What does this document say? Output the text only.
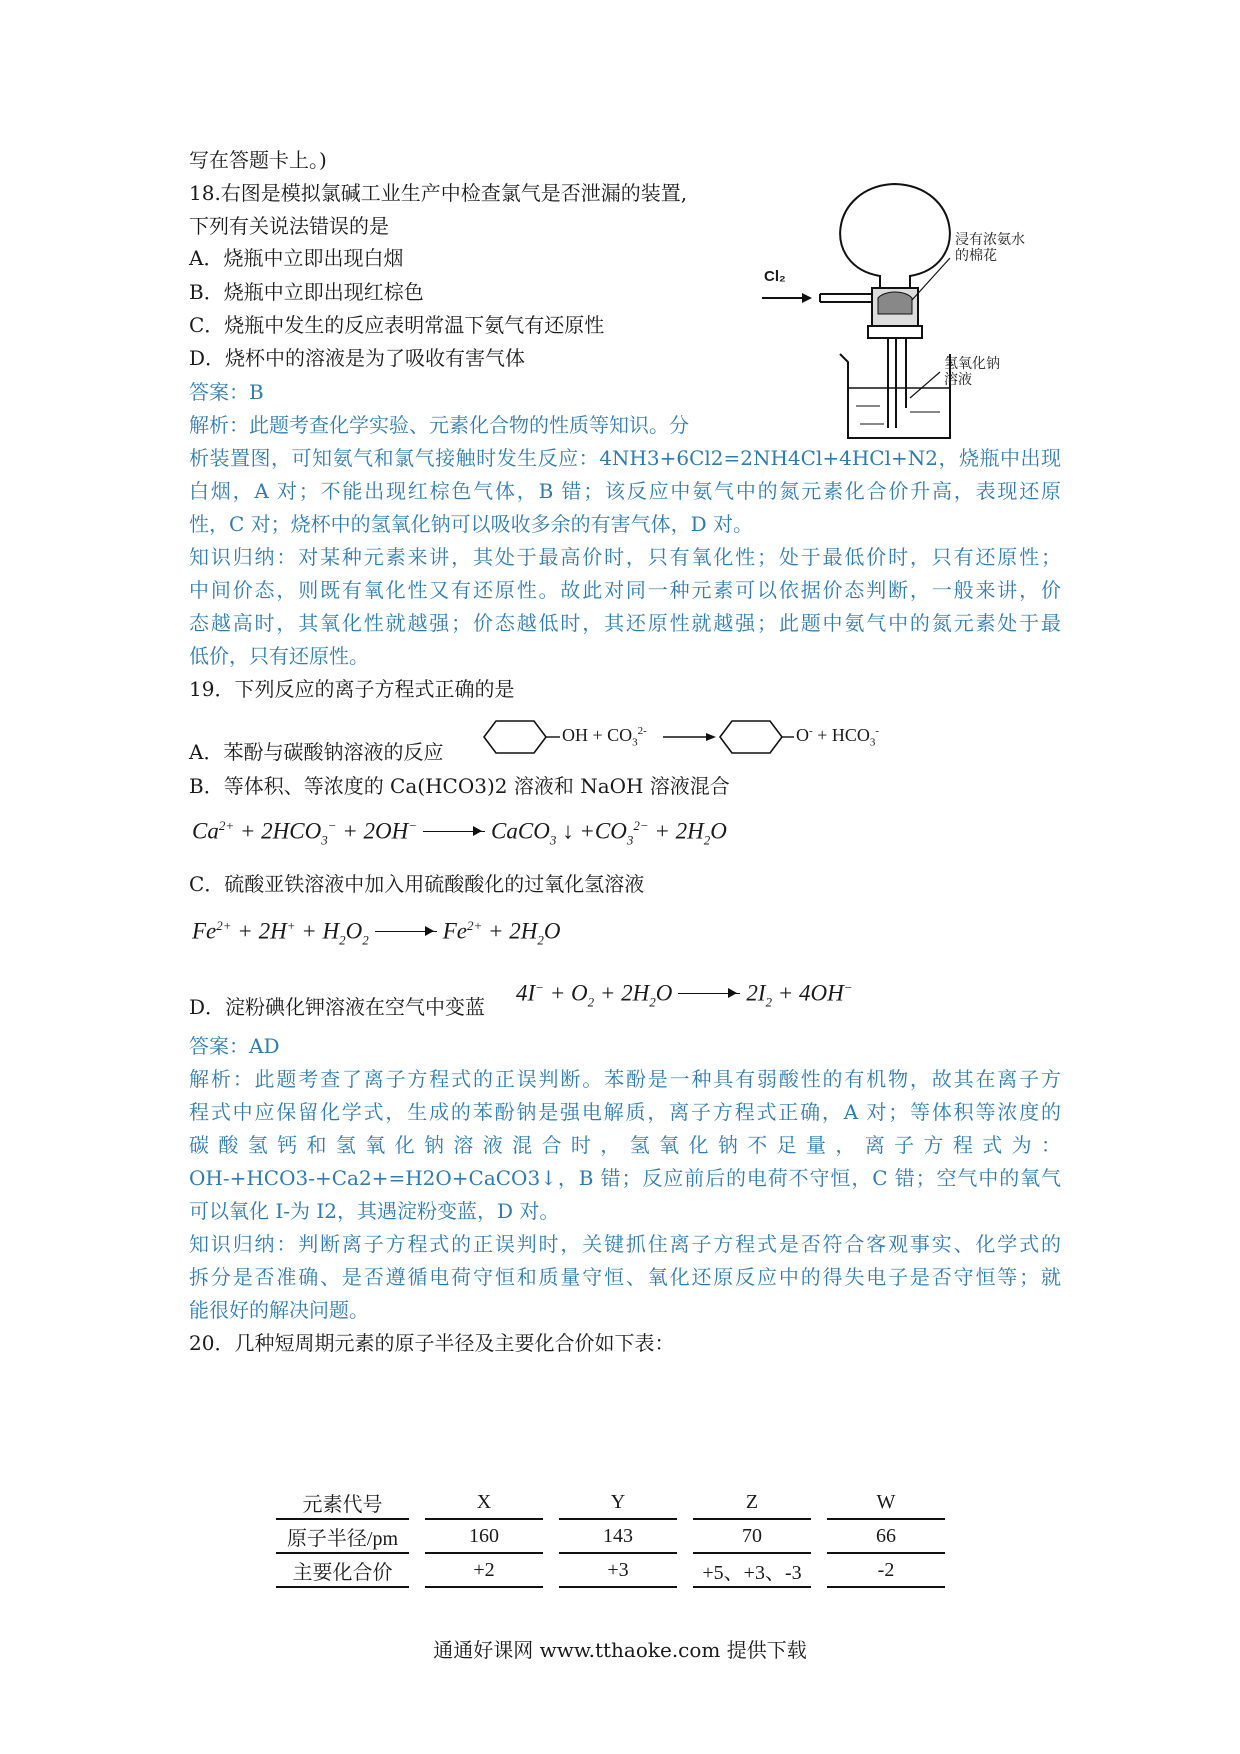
写在答题卡上。)
18.右图是模拟氯碱工业生产中检查氯气是否泄漏的装置,
下列有关说法错误的是
A．烧瓶中立即出现白烟
B．烧瓶中立即出现红棕色
C．烧瓶中发生的反应表明常温下氨气有还原性
D．烧杯中的溶液是为了吸收有害气体
答案：B
解析：此题考查化学实验、元素化合物的性质等知识。分
析装置图，可知氨气和氯气接触时发生反应：4NH3+6Cl2=2NH4Cl+4HCl+N2，烧瓶中出现
白烟，A 对；不能出现红棕色气体，B 错；该反应中氨气中的氮元素化合价升高，表现还原
性，C 对；烧杯中的氢氧化钠可以吸收多余的有害气体，D 对。
知识归纳：对某种元素来讲，其处于最高价时，只有氧化性；处于最低价时，只有还原性；
中间价态，则既有氧化性又有还原性。故此对同一种元素可以依据价态判断，一般来讲，价
态越高时，其氧化性就越强；价态越低时，其还原性就越强；此题中氨气中的氮元素处于最
低价，只有还原性。
19．下列反应的离子方程式正确的是
A．苯酚与碳酸钠溶液的反应
OH + $CO_3^{2-}$	$O^- + HCO_3^-$
B．等体积、等浓度的 Ca(HCO3)2 溶液和 NaOH 溶液混合
$Ca^{2+} + 2HCO_3^- + 2OH^-$	CaCO$_3$ ↓ $+CO_3^{2-} + 2H_2O$
C．硫酸亚铁溶液中加入用硫酸酸化的过氧化氢溶液
$Fe^{2+} + 2H^+ + H_2O_2$	$Fe^{2+} + 2H_2O$
D．淀粉碘化钾溶液在空气中变蓝
$4I^- + O_2 + 2H_2O$	$2I_2 + 4OH^-$
答案：AD
解析：此题考查了离子方程式的正误判断。苯酚是一种具有弱酸性的有机物，故其在离子方
程式中应保留化学式，生成的苯酚钠是强电解质，离子方程式正确，A 对；等体积等浓度的
碳酸氢钙和氢氧化钠溶液混合时，氢氧化钠不足量，离子方程式为：
OH-+HCO3-+Ca2+=H2O+CaCO3↓，B 错；反应前后的电荷不守恒，C 错；空气中的氧气
可以氧化 I-为 I2，其遇淀粉变蓝，D 对。
知识归纳：判断离子方程式的正误判时，关键抓住离子方程式是否符合客观事实、化学式的
拆分是否准确、是否遵循电荷守恒和质量守恒、氧化还原反应中的得失电子是否守恒等；就
能很好的解决问题。
20．几种短周期元素的原子半径及主要化合价如下表：
Cl₂
浸有浓氨水
的棉花
氢氧化钠
溶液
元素代号	X	Y	Z	W
原子半径/pm	160	143	70	66
主要化合价	+2	+3	+5、+3、-3	-2
通通好课网 www.tthaoke.com 提供下载
